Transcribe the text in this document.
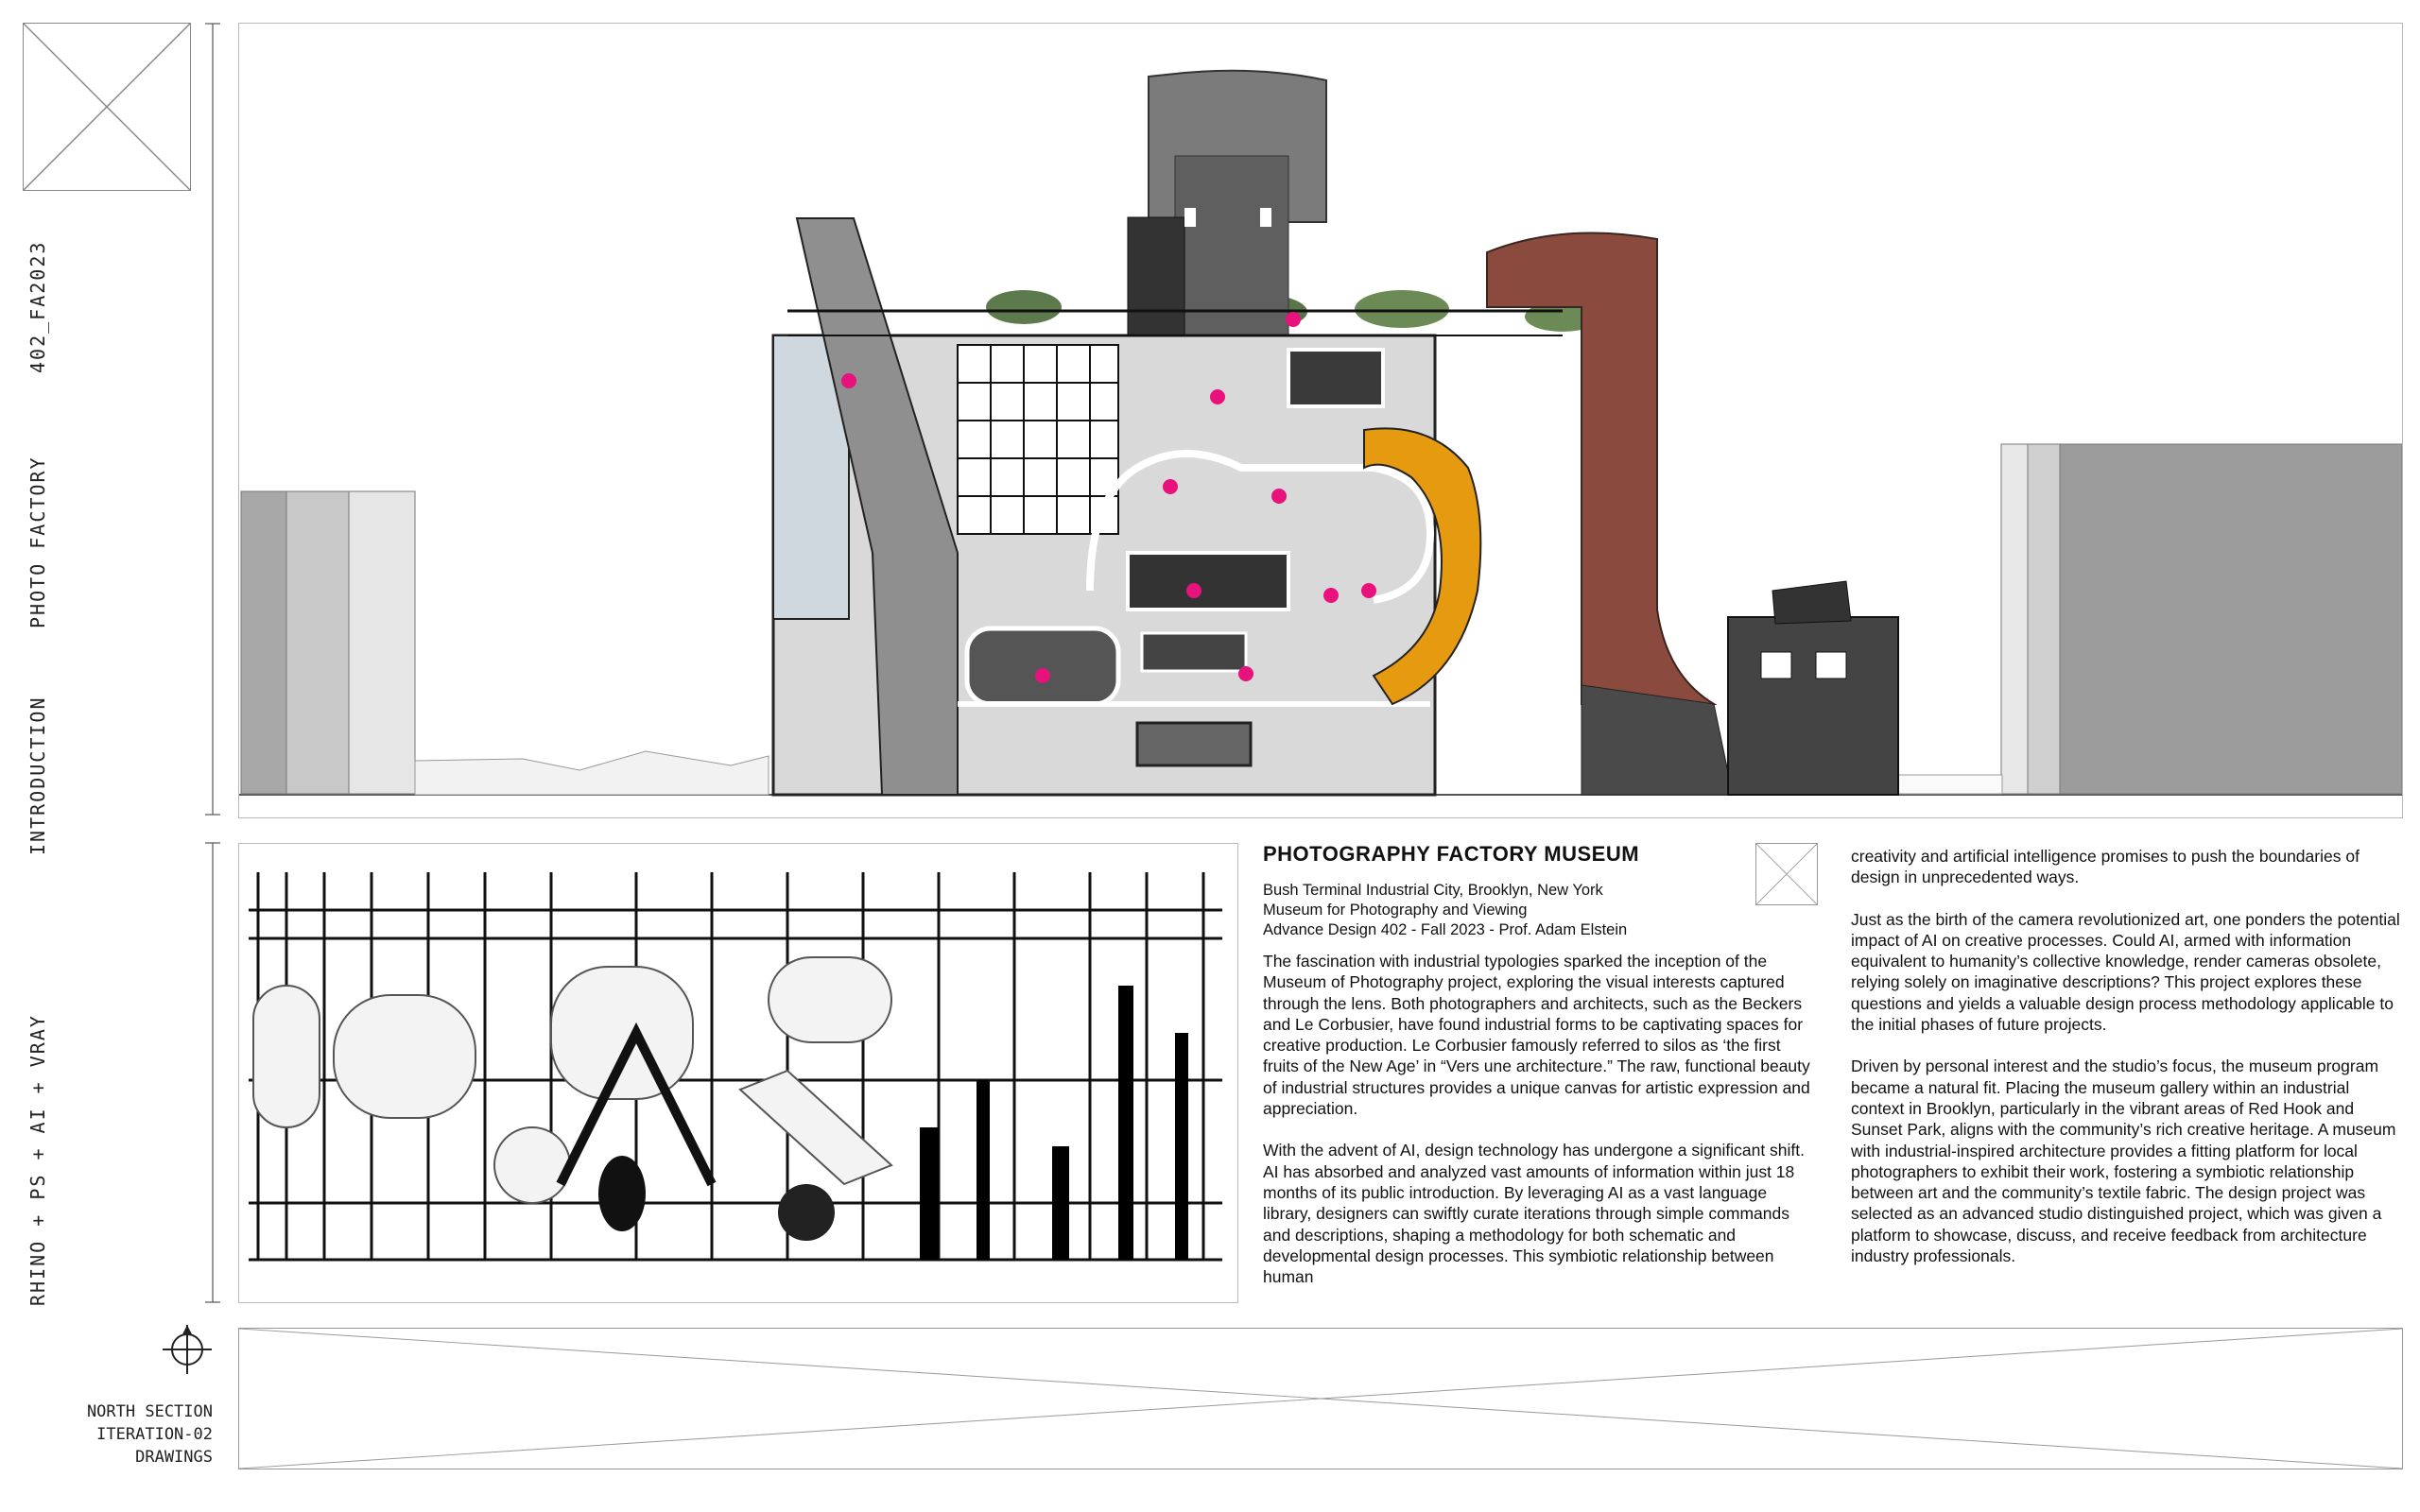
402_FA2023
PHOTO FACTORY
INTRODUCTION
RHINO + PS + AI + VRAY
NORTH SECTION
ITERATION-02
DRAWINGS
PHOTOGRAPHY FACTORY MUSEUM
Bush Terminal Industrial City, Brooklyn, New York
Museum for Photography and Viewing
Advance Design 402 - Fall 2023 - Prof. Adam Elstein

The fascination with industrial typologies sparked the inception of the Museum of Photography project, exploring the visual interests captured through the lens. Both photographers and architects, such as the Beckers and Le Corbusier, have found industrial forms to be captivating spaces for creative production. Le Corbusier famously referred to silos as ‘the first fruits of the New Age’ in “Vers une architecture.” The raw, functional beauty of industrial structures provides a unique canvas for artistic expression and appreciation.

With the advent of AI, design technology has undergone a significant shift. AI has absorbed and analyzed vast amounts of information within just 18 months of its public introduction. By leveraging AI as a vast language library, designers can swiftly curate iterations through simple commands and descriptions, shaping a methodology for both schematic and developmental design processes. This symbiotic relationship between human

creativity and artificial intelligence promises to push the boundaries of design in unprecedented ways.

Just as the birth of the camera revolutionized art, one ponders the potential impact of AI on creative processes. Could AI, armed with information equivalent to humanity’s collective knowledge, render cameras obsolete, relying solely on imaginative descriptions? This project explores these questions and yields a valuable design process methodology applicable to the initial phases of future projects.

Driven by personal interest and the studio’s focus, the museum program became a natural fit. Placing the museum gallery within an industrial context in Brooklyn, particularly in the vibrant areas of Red Hook and Sunset Park, aligns with the community’s rich creative heritage. A museum with industrial-inspired architecture provides a fitting platform for local photographers to exhibit their work, fostering a symbiotic relationship between art and the community’s textile fabric. The design project was selected as an advanced studio distinguished project, which was given a platform to showcase, discuss, and receive feedback from architecture industry professionals.
